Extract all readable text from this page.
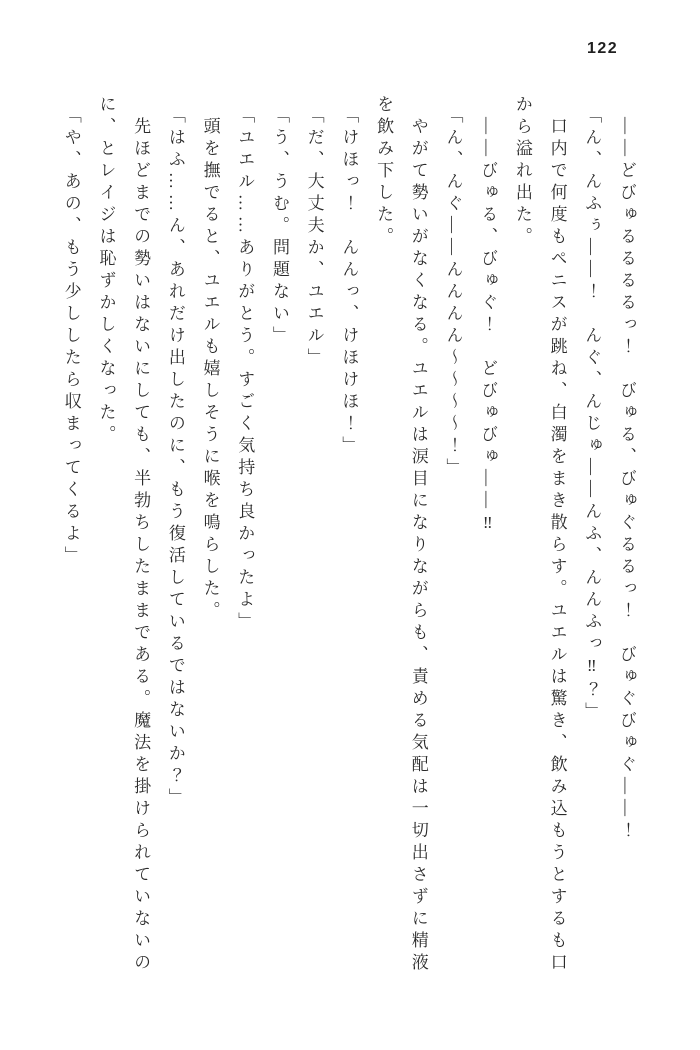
122

――どびゅるるるるっ！　びゅる、びゅぐるるっ！　びゅぐびゅぐ――！

「ん、んふぅ――！　んぐ、んじゅ――んふ、んんふっ‼？」

口内で何度もペニスが跳ね、白濁をまき散らす。ユエルは驚き、飲み込もうとするも口から溢れ出た。

――びゅる、びゅぐ！　どびゅびゅ――‼

「ん、んぐ――んんんん〜〜〜〜！」

やがて勢いがなくなる。ユエルは涙目になりながらも、責める気配は一切出さずに精液を飲み下した。

「けほっ！　んんっ、けほけほ！」

「だ、大丈夫か、ユエル」

「う、うむ。問題ない」

「ユエル……ありがとう。すごく気持ち良かったよ」

頭を撫でると、ユエルも嬉しそうに喉を鳴らした。

「はふ……ん、あれだけ出したのに、もう復活しているではないか？」

先ほどまでの勢いはないにしても、半勃ちしたままである。魔法を掛けられていないのに、とレイジは恥ずかしくなった。

「や、あの、もう少ししたら収まってくるよ」
